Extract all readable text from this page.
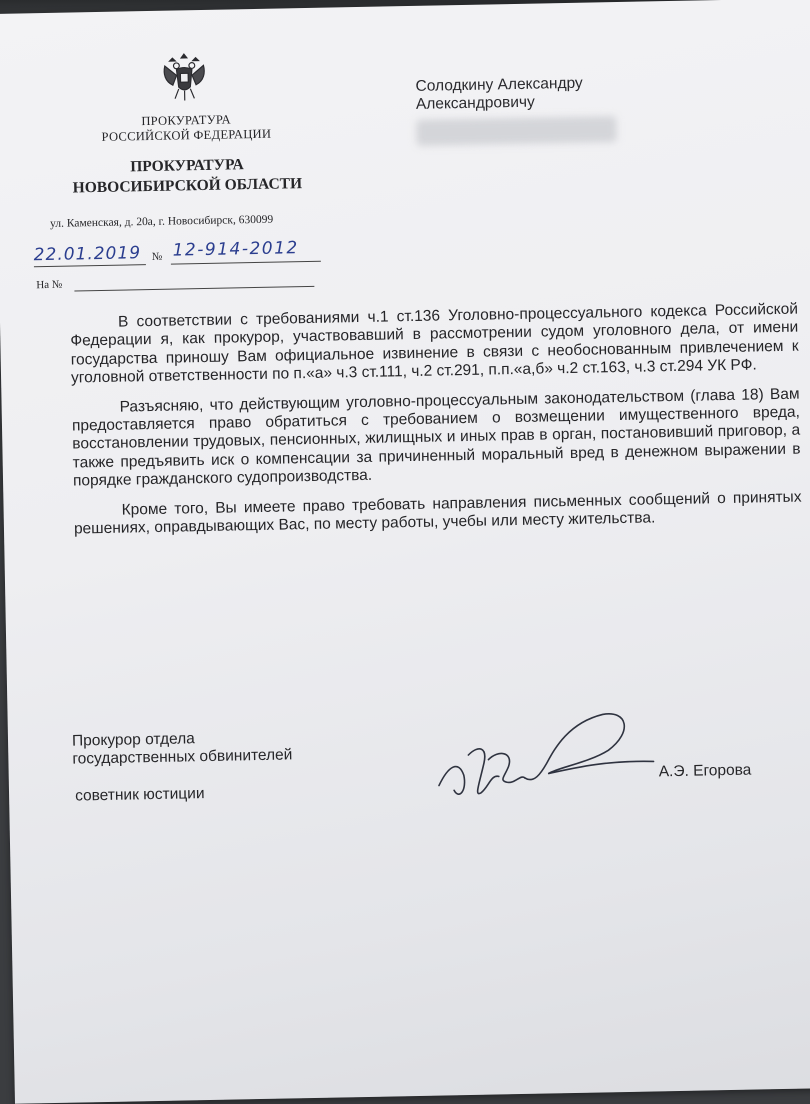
ПРОКУРАТУРА
РОССИЙСКОЙ ФЕДЕРАЦИИ
ПРОКУРАТУРА
НОВОСИБИРСКОЙ ОБЛАСТИ
ул. Каменская, д. 20а, г. Новосибирск, 630099
22.01.2019 № 12-914-2012
На №
Солодкину Александру
Александровичу

В соответствии с требованиями ч.1 ст.136 Уголовно-процессуального кодекса Российской Федерации я, как прокурор, участвовавший в рассмотрении судом уголовного дела, от имени государства приношу Вам официальное извинение в связи с необоснованным привлечением к уголовной ответственности по п.«а» ч.3 ст.111, ч.2 ст.291, п.п.«а,б» ч.2 ст.163, ч.3 ст.294 УК РФ.

Разъясняю, что действующим уголовно-процессуальным законодательством (глава 18) Вам предоставляется право обратиться с требованием о возмещении имущественного вреда, восстановлении трудовых, пенсионных, жилищных и иных прав в орган, постановивший приговор, а также предъявить иск о компенсации за причиненный моральный вред в денежном выражении в порядке гражданского судопроизводства.

Кроме того, Вы имеете право требовать направления письменных сообщений о принятых решениях, оправдывающих Вас, по месту работы, учебы или месту жительства.

Прокурор отдела
государственных обвинителей
советник юстиции
А.Э. Егорова
